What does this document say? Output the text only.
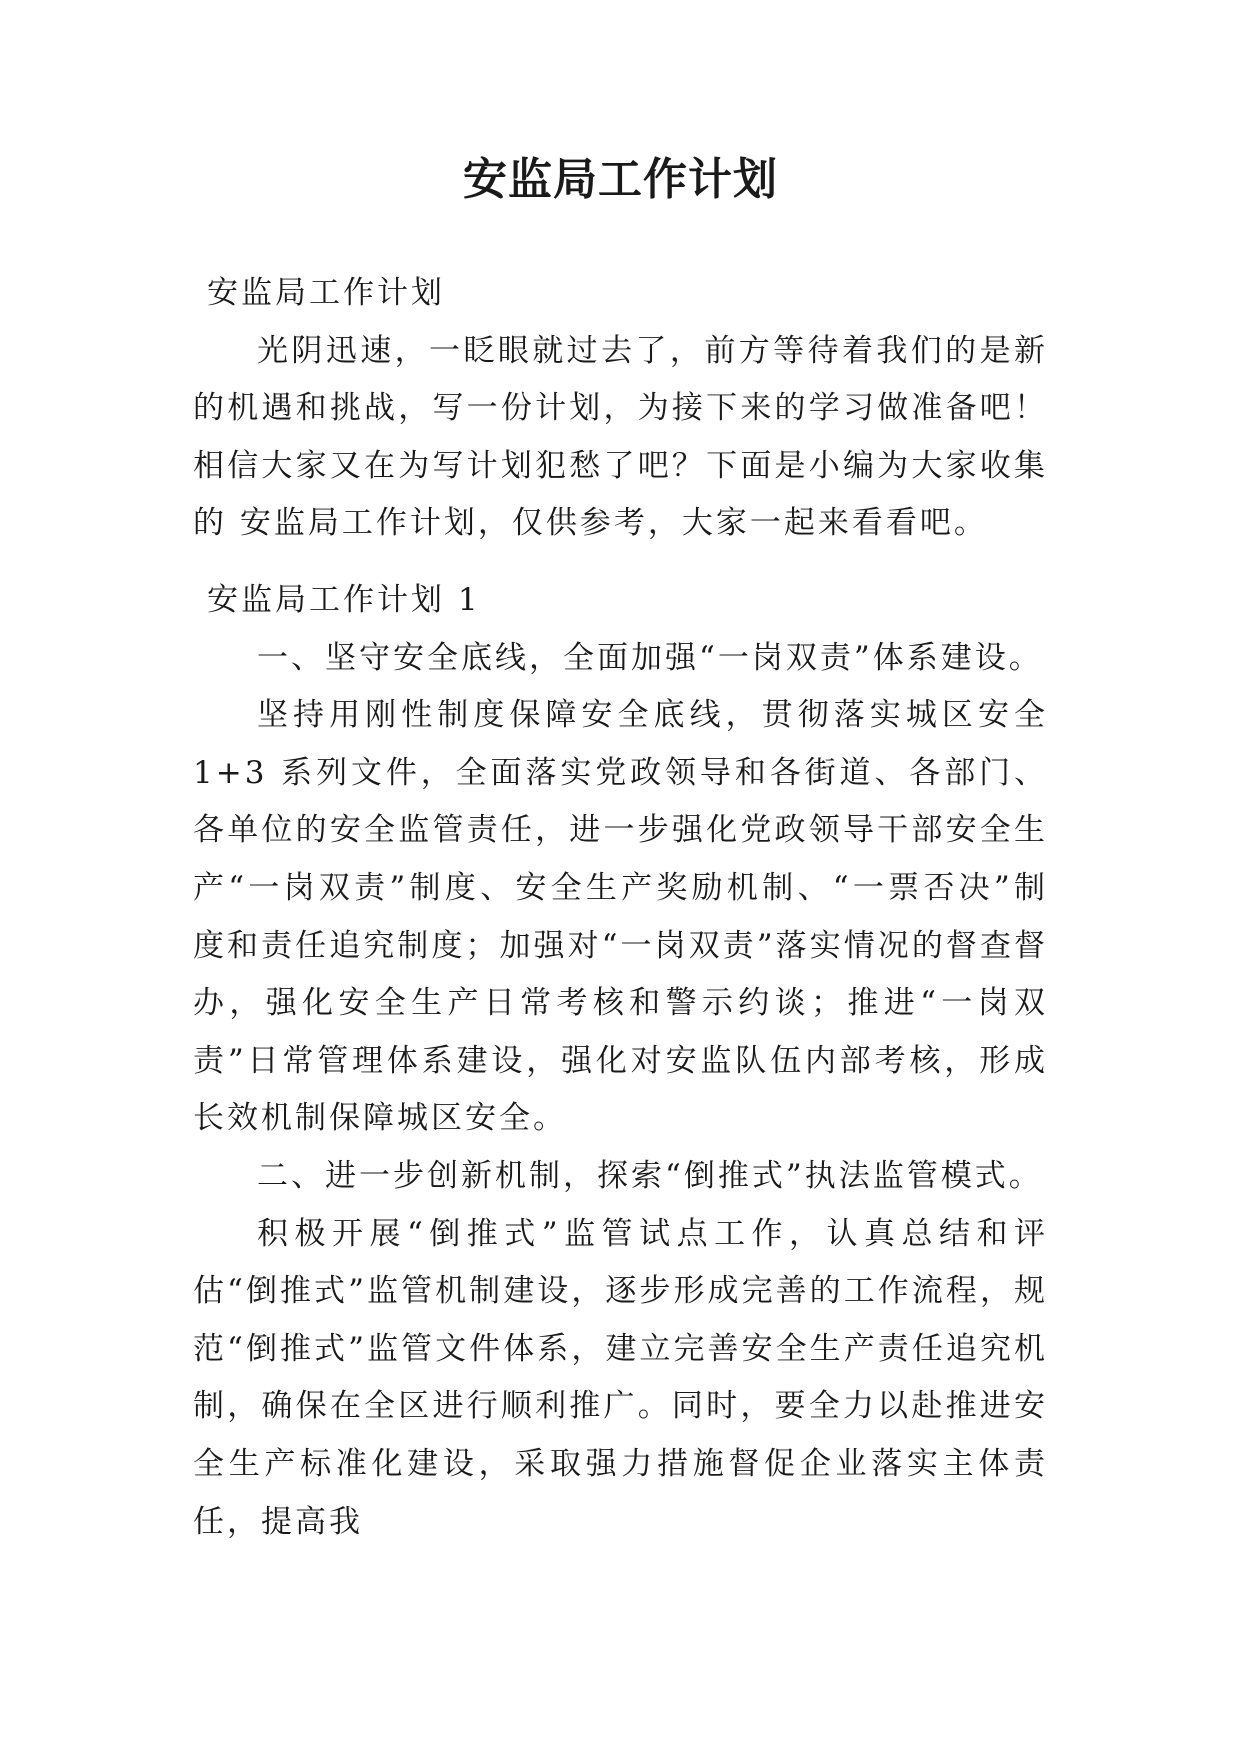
安监局工作计划

安监局工作计划

光阴迅速，一眨眼就过去了，前方等待着我们的是新的机遇和挑战，写一份计划，为接下来的学习做准备吧！相信大家又在为写计划犯愁了吧？下面是小编为大家收集的 安监局工作计划，仅供参考，大家一起来看看吧。

安监局工作计划 1

一、坚守安全底线，全面加强“一岗双责”体系建设。

坚持用刚性制度保障安全底线，贯彻落实城区安全 1+3 系列文件，全面落实党政领导和各街道、各部门、各单位的安全监管责任，进一步强化党政领导干部安全生产“一岗双责”制度、安全生产奖励机制、“一票否决”制度和责任追究制度；加强对“一岗双责”落实情况的督查督办，强化安全生产日常考核和警示约谈；推进“一岗双责”日常管理体系建设，强化对安监队伍内部考核，形成长效机制保障城区安全。

二、进一步创新机制，探索“倒推式”执法监管模式。

积极开展“倒推式”监管试点工作，认真总结和评估“倒推式”监管机制建设，逐步形成完善的工作流程，规范“倒推式”监管文件体系，建立完善安全生产责任追究机制，确保在全区进行顺利推广。同时，要全力以赴推进安全生产标准化建设，采取强力措施督促企业落实主体责任，提高我
